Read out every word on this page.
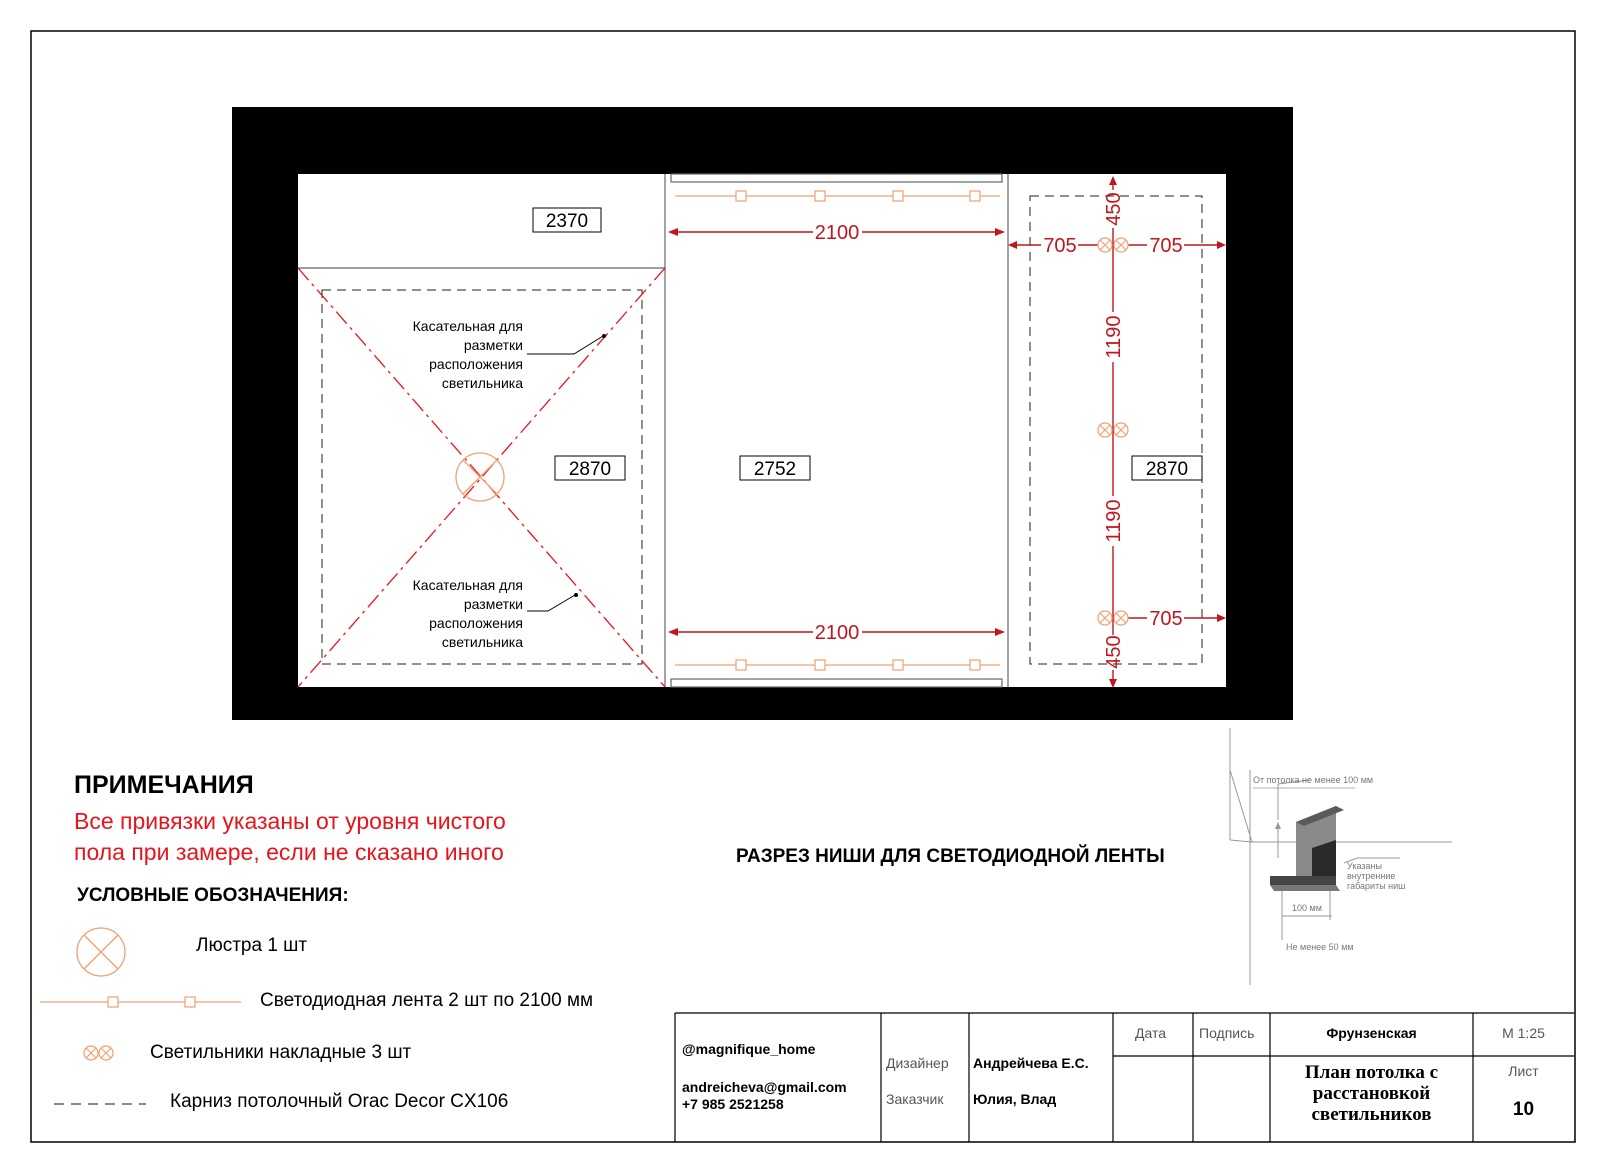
2100
2100
705	705
705
450
1190
1190
450
2370
2870	2752	2870
Касательная для
разметки
расположения
светильника
Касательная для
разметки
расположения
светильника
От потолка не менее 100 мм
Указаны
внутренние
габариты ниш
100 мм
Не менее 50 мм
ПРИМЕЧАНИЯ
Все привязки указаны от уровня чистого
пола при замере, если не сказано иного
УСЛОВНЫЕ ОБОЗНАЧЕНИЯ:
Люстра 1 шт
Светодиодная лента 2 шт по 2100 мм
Светильники накладные 3 шт
Карниз потолочный Orac Decor CX106
РАЗРЕЗ НИШИ ДЛЯ СВЕТОДИОДНОЙ ЛЕНТЫ
@magnifique_home
andreicheva@gmail.com
+7 985 2521258
Дизайнер Андрейчева Е.С.
Заказчик Юлия, Влад
Дата Подпись	Фрунзенская	М 1:25
План потолка с
расстановкой
светильников
Лист
10
